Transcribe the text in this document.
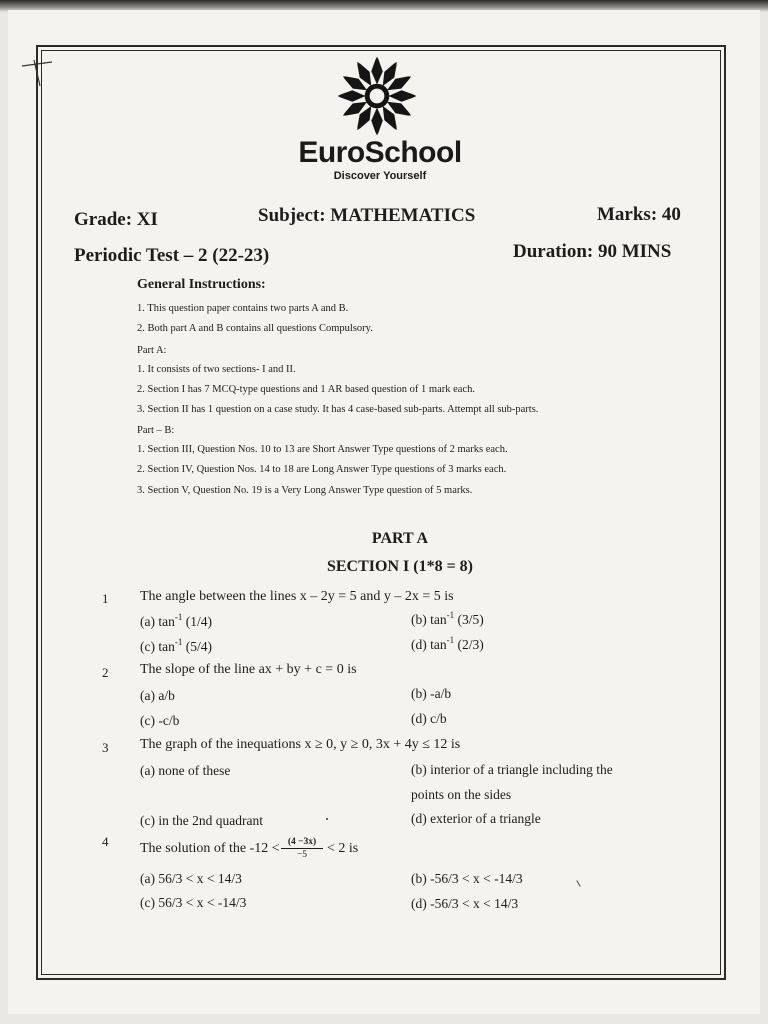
EuroSchool
Discover Yourself
Grade: XI	Subject: MATHEMATICS	Marks: 40
Periodic Test – 2 (22-23)	Duration: 90 MINS
General Instructions:
1. This question paper contains two parts A and B.
2. Both part A and B contains all questions Compulsory.
Part A:
1. It consists of two sections- I and II.
2. Section I has 7 MCQ-type questions and 1 AR based question of 1 mark each.
3. Section II has 1 question on a case study. It has 4 case-based sub-parts. Attempt all sub-parts.
Part – B:
1. Section III, Question Nos. 10 to 13 are Short Answer Type questions of 2 marks each.
2. Section IV, Question Nos. 14 to 18 are Long Answer Type questions of 3 marks each.
3. Section V, Question No. 19 is a Very Long Answer Type question of 5 marks.
PART A
SECTION I (1*8 = 8)
1 The angle between the lines x – 2y = 5 and y – 2x = 5 is
(a) $\tan^{-1} (1/4)$	(b) $\tan^{-1} (3/5)$
(c) $\tan^{-1} (5/4)$	(d) $\tan^{-1} (2/3)$
2 The slope of the line ax + by + c = 0 is
(a) a/b	(b) -a/b
(c) -c/b	(d) c/b
3 The graph of the inequations x ≥ 0, y ≥ 0, 3x + 4y ≤ 12 is
(a) none of these	(b) interior of a triangle including the
points on the sides
(c) in the 2nd quadrant	(d) exterior of a triangle
4 The solution of the $-12 < \frac{(4 -3x)}{-5} < 2$ is
(a) 56/3 < x < 14/3	(b) -56/3 < x < -14/3
(c) 56/3 < x < -14/3	(d) -56/3 < x < 14/3
